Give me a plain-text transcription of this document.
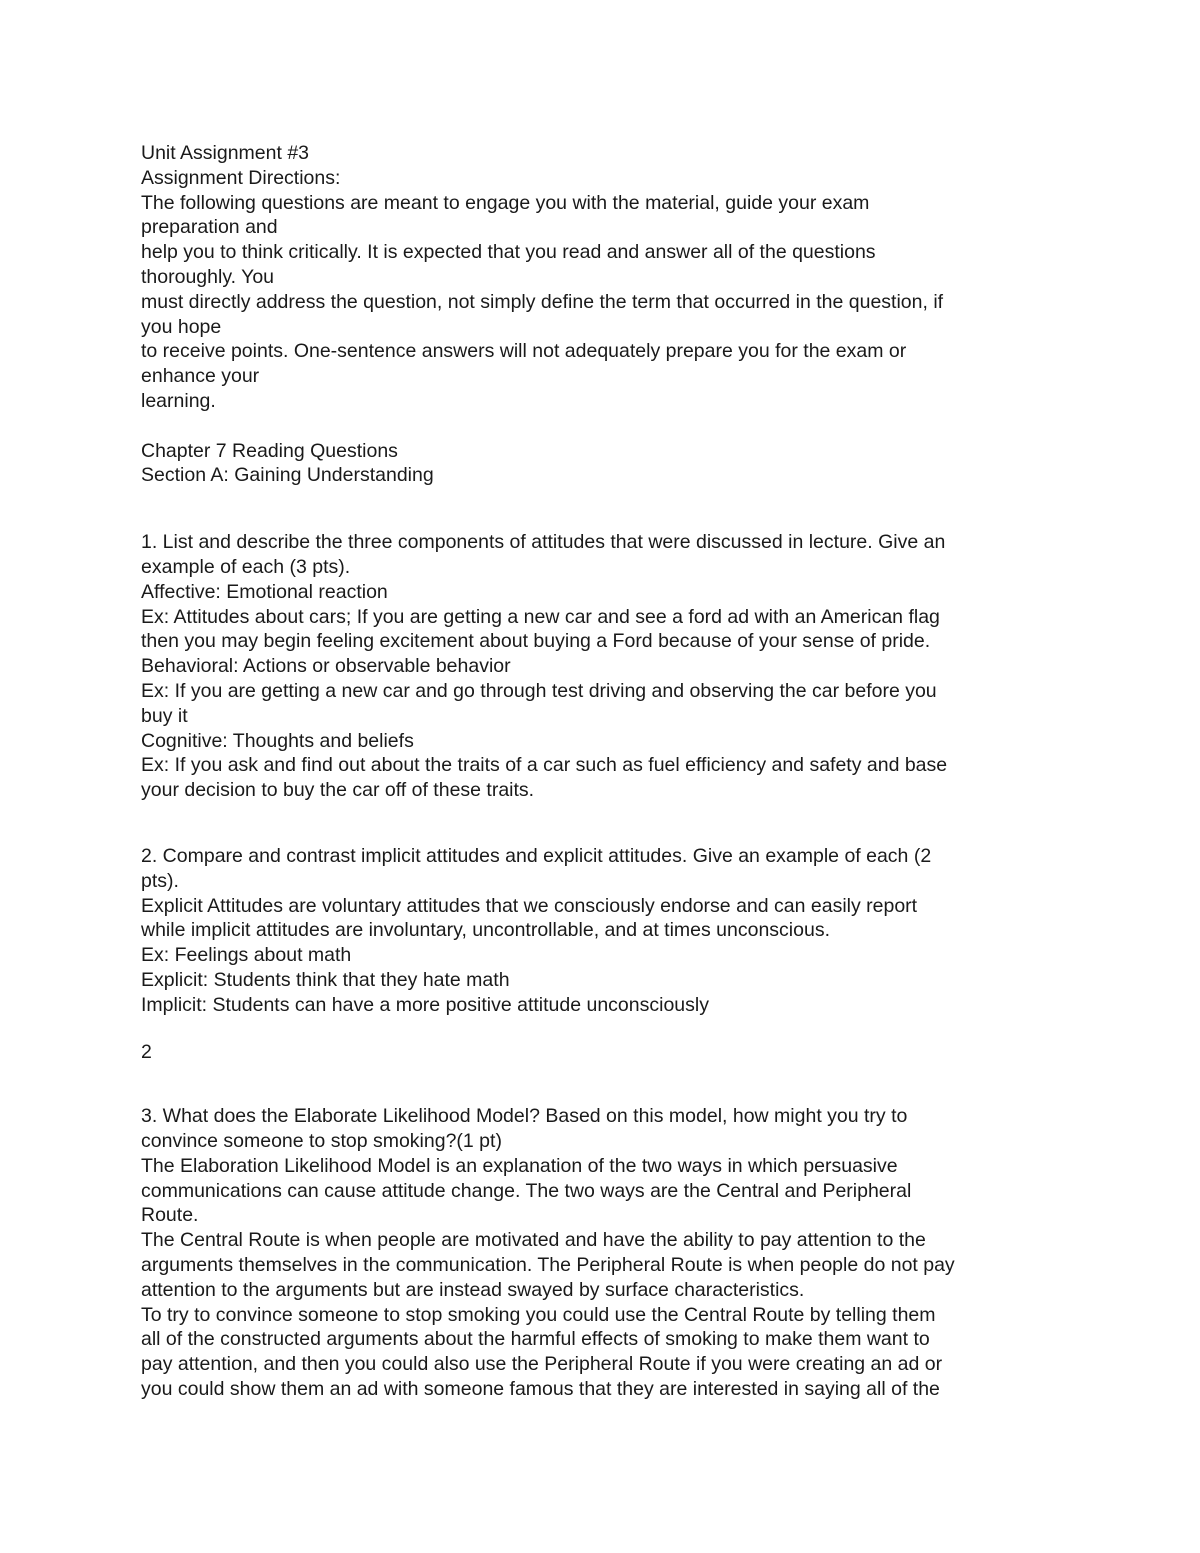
Unit Assignment #3
Assignment Directions:
The following questions are meant to engage you with the material, guide your exam
preparation and
help you to think critically. It is expected that you read and answer all of the questions
thoroughly. You
must directly address the question, not simply define the term that occurred in the question, if
you hope
to receive points. One-sentence answers will not adequately prepare you for the exam or
enhance your
learning.
Chapter 7 Reading Questions
Section A: Gaining Understanding
1. List and describe the three components of attitudes that were discussed in lecture. Give an
example of each (3 pts).
Affective: Emotional reaction
Ex: Attitudes about cars; If you are getting a new car and see a ford ad with an American flag
then you may begin feeling excitement about buying a Ford because of your sense of pride.
Behavioral: Actions or observable behavior
Ex: If you are getting a new car and go through test driving and observing the car before you
buy it
Cognitive: Thoughts and beliefs
Ex: If you ask and find out about the traits of a car such as fuel efficiency and safety and base
your decision to buy the car off of these traits.
2. Compare and contrast implicit attitudes and explicit attitudes. Give an example of each (2
pts).
Explicit Attitudes are voluntary attitudes that we consciously endorse and can easily report
while implicit attitudes are involuntary, uncontrollable, and at times unconscious.
Ex: Feelings about math
Explicit: Students think that they hate math
Implicit: Students can have a more positive attitude unconsciously
2
3. What does the Elaborate Likelihood Model? Based on this model, how might you try to
convince someone to stop smoking?(1 pt)
The Elaboration Likelihood Model is an explanation of the two ways in which persuasive
communications can cause attitude change. The two ways are the Central and Peripheral
Route.
The Central Route is when people are motivated and have the ability to pay attention to the
arguments themselves in the communication. The Peripheral Route is when people do not pay
attention to the arguments but are instead swayed by surface characteristics.
To try to convince someone to stop smoking you could use the Central Route by telling them
all of the constructed arguments about the harmful effects of smoking to make them want to
pay attention, and then you could also use the Peripheral Route if you were creating an ad or
you could show them an ad with someone famous that they are interested in saying all of the
